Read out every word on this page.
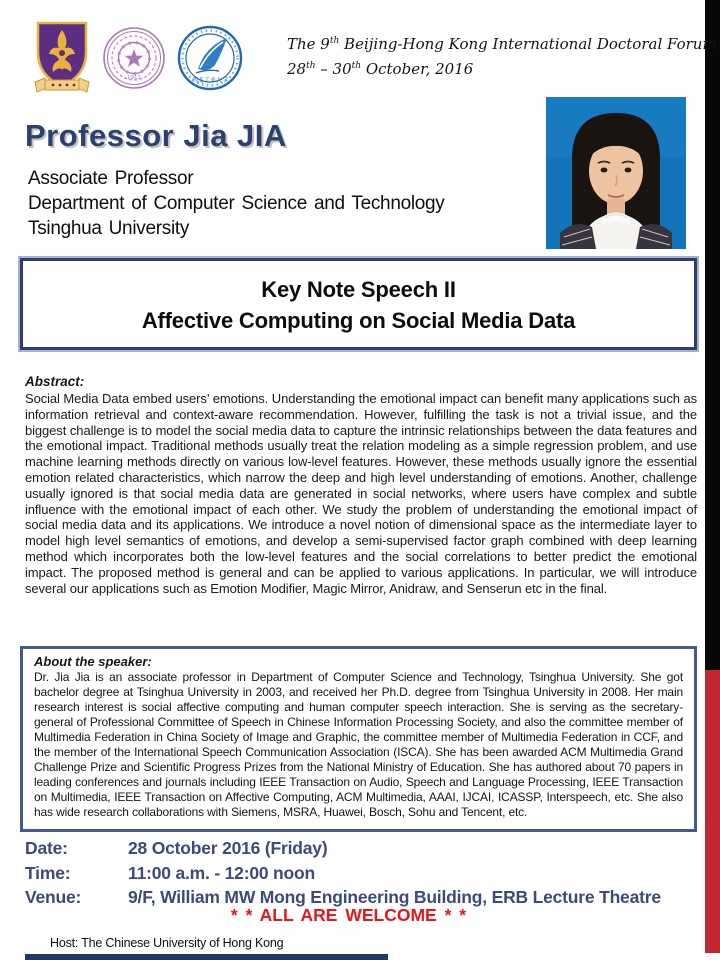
·1911·	西北工业大学
The 9th Beijing-Hong Kong International Doctoral Forum
28th – 30th October, 2016
Professor Jia JIA
Associate Professor
Department of Computer Science and Technology
Tsinghua University
Key Note Speech II
Affective Computing on Social Media Data
Abstract:
Social Media Data embed users’ emotions. Understanding the emotional impact can benefit many applications such as information retrieval and context-aware recommendation. However, fulfilling the task is not a trivial issue, and the biggest challenge is to model the social media data to capture the intrinsic relationships between the data features and the emotional impact. Traditional methods usually treat the relation modeling as a simple regression problem, and use machine learning methods directly on various low-level features. However, these methods usually ignore the essential emotion related characteristics, which narrow the deep and high level understanding of emotions. Another, challenge usually ignored is that social media data are generated in social networks, where users have complex and subtle influence with the emotional impact of each other. We study the problem of understanding the emotional impact of social media data and its applications. We introduce a novel notion of dimensional space as the intermediate layer to model high level semantics of emotions, and develop a semi-supervised factor graph combined with deep learning method which incorporates both the low-level features and the social correlations to better predict the emotional impact. The proposed method is general and can be applied to various applications. In particular, we will introduce several our applications such as Emotion Modifier, Magic Mirror, Anidraw, and Senserun etc in the final.
About the speaker:
Dr. Jia Jia is an associate professor in Department of Computer Science and Technology, Tsinghua University. She got bachelor degree at Tsinghua University in 2003, and received her Ph.D. degree from Tsinghua University in 2008. Her main research interest is social affective computing and human computer speech interaction. She is serving as the secretary-general of Professional Committee of Speech in Chinese Information Processing Society, and also the committee member of Multimedia Federation in China Society of Image and Graphic, the committee member of Multimedia Federation in CCF, and the member of the International Speech Communication Association (ISCA). She has been awarded ACM Multimedia Grand Challenge Prize and Scientific Progress Prizes from the National Ministry of Education. She has authored about 70 papers in leading conferences and journals including IEEE Transaction on Audio, Speech and Language Processing, IEEE Transaction on Multimedia, IEEE Transaction on Affective Computing, ACM Multimedia, AAAI, IJCAI, ICASSP, Interspeech, etc. She also has wide research collaborations with Siemens, MSRA, Huawei, Bosch, Sohu and Tencent, etc.
Date:	28 October 2016 (Friday)
Time:	11:00 a.m. - 12:00 noon
Venue:	9/F, William MW Mong Engineering Building, ERB Lecture Theatre
* * ALL ARE WELCOME * *
Host: The Chinese University of Hong Kong
